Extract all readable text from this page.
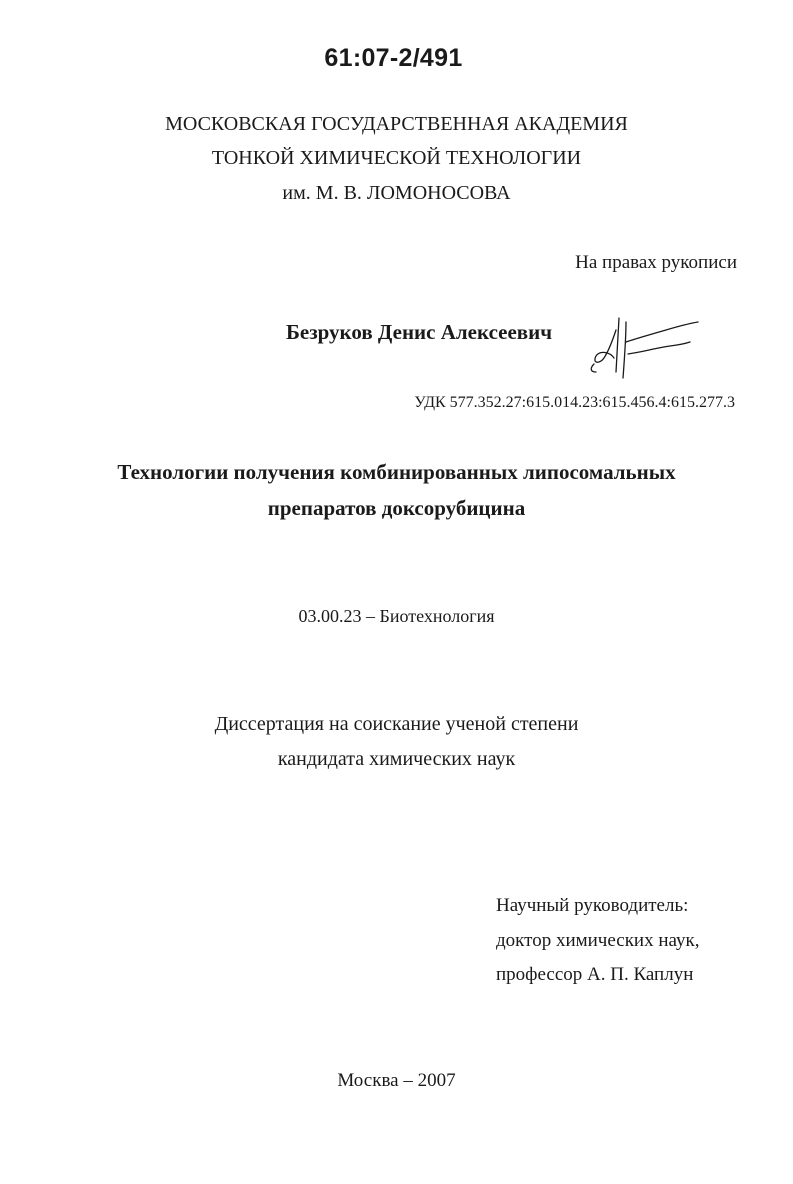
61:07-2/491
МОСКОВСКАЯ ГОСУДАРСТВЕННАЯ АКАДЕМИЯ
ТОНКОЙ ХИМИЧЕСКОЙ ТЕХНОЛОГИИ
им. М. В. ЛОМОНОСОВА
На правах рукописи
Безруков Денис Алексеевич
УДК 577.352.27:615.014.23:615.456.4:615.277.3
Технологии получения комбинированных липосомальных
препаратов доксорубицина
03.00.23 – Биотехнология
Диссертация на соискание ученой степени
кандидата химических наук
Научный руководитель:
доктор химических наук,
профессор А. П. Каплун
Москва – 2007
